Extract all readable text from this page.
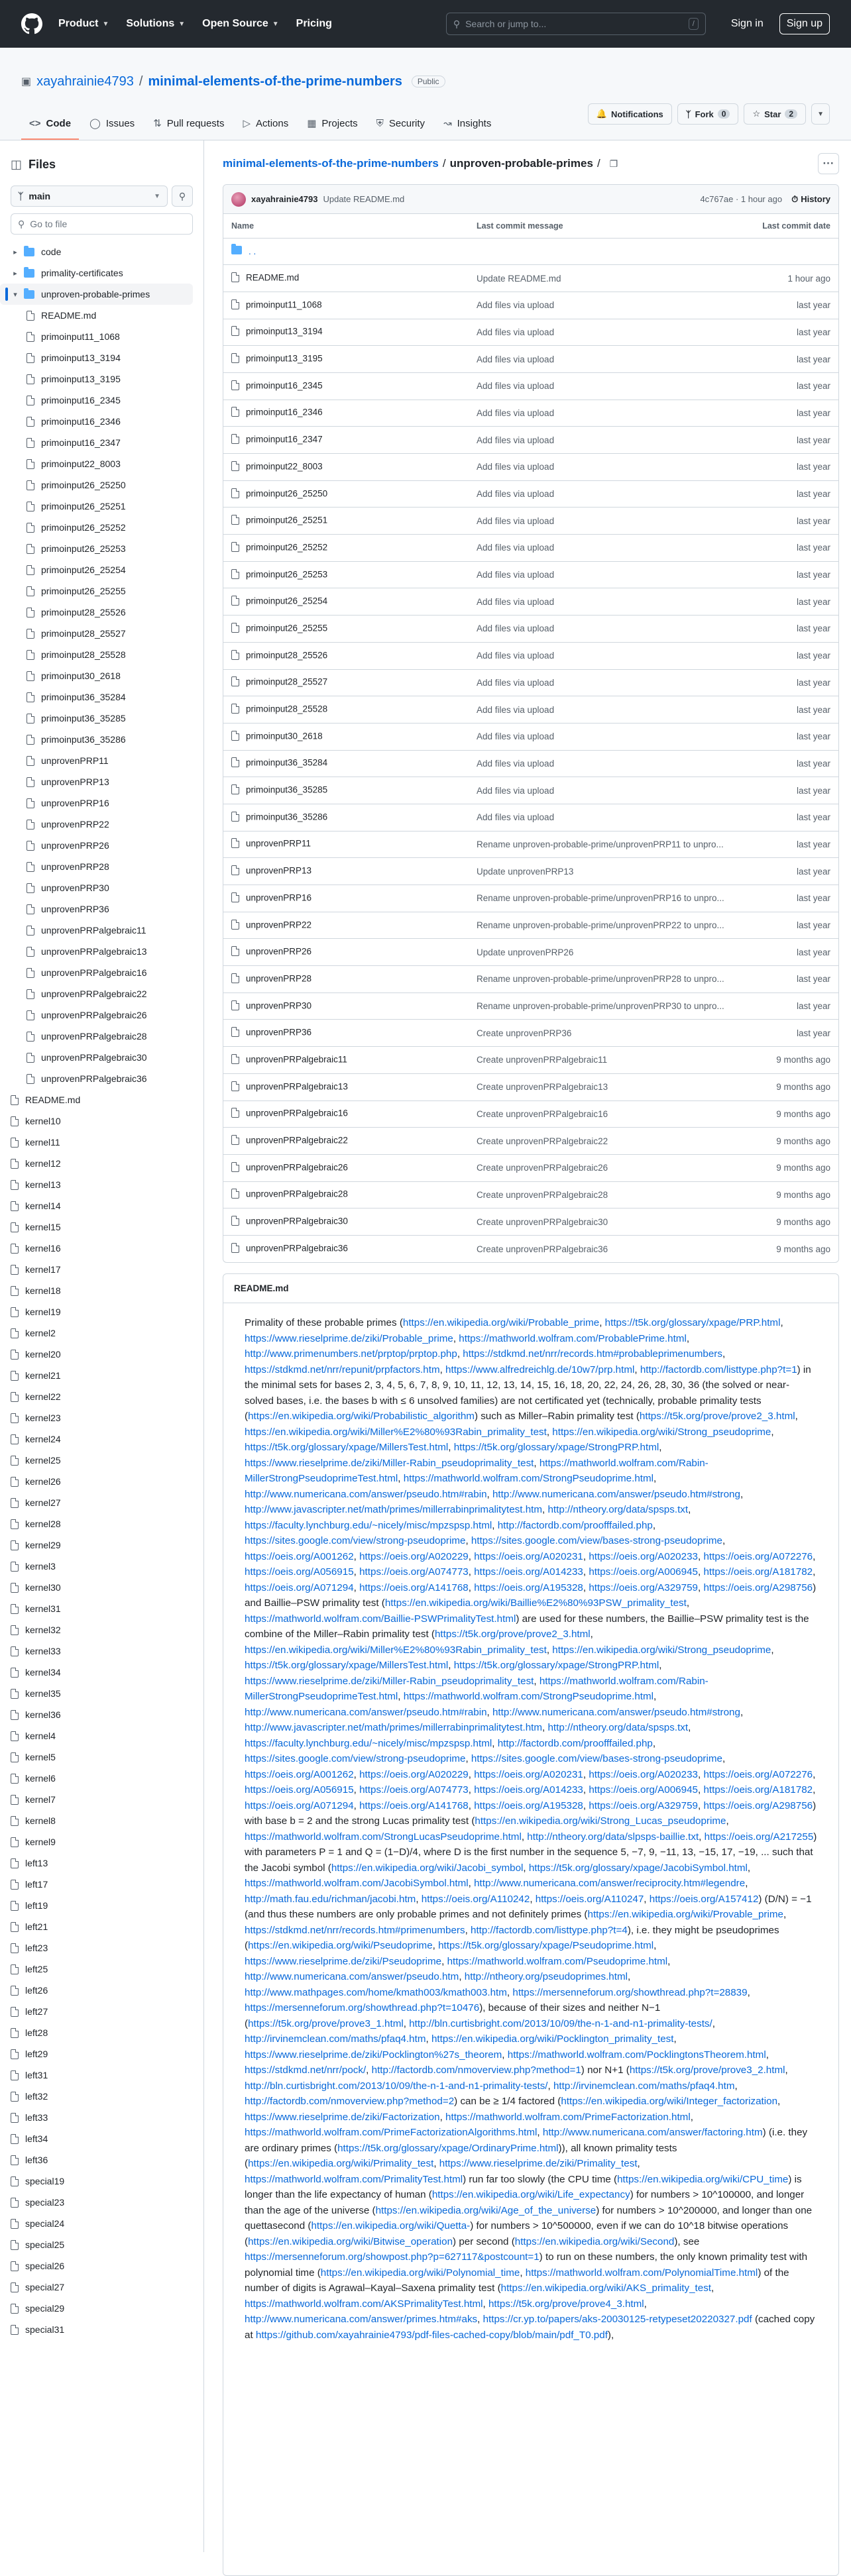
Product ▼ Solutions ▼ Open Source ▼ Pricing	⚲ Search or jump to...	/	Sign in	Sign up
▣ xayahrainie4793 / minimal-elements-of-the-prime-numbers	Public
🔔 Notifications	ᛉ Fork	0	☆ Star	2	▼
<> Code ◯ Issues ⇅ Pull requests ▷ Actions ▦ Projects ⛨ Security ↝ Insights
◫ Files
ᛉ main	▼ ⚲
⚲ Go to file
▸	code
▸	primality-certificates
▾	unproven-probable-primes
README.md
primoinput11_1068
primoinput13_3194
primoinput13_3195
primoinput16_2345
primoinput16_2346
primoinput16_2347
primoinput22_8003
primoinput26_25250
primoinput26_25251
primoinput26_25252
primoinput26_25253
primoinput26_25254
primoinput26_25255
primoinput28_25526
primoinput28_25527
primoinput28_25528
primoinput30_2618
primoinput36_35284
primoinput36_35285
primoinput36_35286
unprovenPRP11
unprovenPRP13
unprovenPRP16
unprovenPRP22
unprovenPRP26
unprovenPRP28
unprovenPRP30
unprovenPRP36
unprovenPRPalgebraic11
unprovenPRPalgebraic13
unprovenPRPalgebraic16
unprovenPRPalgebraic22
unprovenPRPalgebraic26
unprovenPRPalgebraic28
unprovenPRPalgebraic30
unprovenPRPalgebraic36
README.md
kernel10
kernel11
kernel12
kernel13
kernel14
kernel15
kernel16
kernel17
kernel18
kernel19
kernel2
kernel20
kernel21
kernel22
kernel23
kernel24
kernel25
kernel26
kernel27
kernel28
kernel29
kernel3
kernel30
kernel31
kernel32
kernel33
kernel34
kernel35
kernel36
kernel4
kernel5
kernel6
kernel7
kernel8
kernel9
left13
left17
left19
left21
left23
left25
left26
left27
left28
left29
left31
left32
left33
left34
left36
special19
special23
special24
special25
special26
special27
special29
special31
minimal-elements-of-the-prime-numbers / unproven-probable-primes / ❐	···
xayahrainie4793 Update README.md	4c767ae · 1 hour ago ⏱ History
Name	Last commit message	Last commit date
. .		
README.md	Update README.md	1 hour ago
primoinput11_1068	Add files via upload	last year
primoinput13_3194	Add files via upload	last year
primoinput13_3195	Add files via upload	last year
primoinput16_2345	Add files via upload	last year
primoinput16_2346	Add files via upload	last year
primoinput16_2347	Add files via upload	last year
primoinput22_8003	Add files via upload	last year
primoinput26_25250	Add files via upload	last year
primoinput26_25251	Add files via upload	last year
primoinput26_25252	Add files via upload	last year
primoinput26_25253	Add files via upload	last year
primoinput26_25254	Add files via upload	last year
primoinput26_25255	Add files via upload	last year
primoinput28_25526	Add files via upload	last year
primoinput28_25527	Add files via upload	last year
primoinput28_25528	Add files via upload	last year
primoinput30_2618	Add files via upload	last year
primoinput36_35284	Add files via upload	last year
primoinput36_35285	Add files via upload	last year
primoinput36_35286	Add files via upload	last year
unprovenPRP11	Rename unproven-probable-prime/unprovenPRP11 to unpro...	last year
unprovenPRP13	Update unprovenPRP13	last year
unprovenPRP16	Rename unproven-probable-prime/unprovenPRP16 to unpro...	last year
unprovenPRP22	Rename unproven-probable-prime/unprovenPRP22 to unpro...	last year
unprovenPRP26	Update unprovenPRP26	last year
unprovenPRP28	Rename unproven-probable-prime/unprovenPRP28 to unpro...	last year
unprovenPRP30	Rename unproven-probable-prime/unprovenPRP30 to unpro...	last year
unprovenPRP36	Create unprovenPRP36	last year
unprovenPRPalgebraic11	Create unprovenPRPalgebraic11	9 months ago
unprovenPRPalgebraic13	Create unprovenPRPalgebraic13	9 months ago
unprovenPRPalgebraic16	Create unprovenPRPalgebraic16	9 months ago
unprovenPRPalgebraic22	Create unprovenPRPalgebraic22	9 months ago
unprovenPRPalgebraic26	Create unprovenPRPalgebraic26	9 months ago
unprovenPRPalgebraic28	Create unprovenPRPalgebraic28	9 months ago
unprovenPRPalgebraic30	Create unprovenPRPalgebraic30	9 months ago
unprovenPRPalgebraic36	Create unprovenPRPalgebraic36	9 months ago
README.md

Primality of these probable primes (https://en.wikipedia.org/wiki/Probable_prime, https://t5k.org/glossary/xpage/PRP.html, https://www.rieselprime.de/ziki/Probable_prime, https://mathworld.wolfram.com/ProbablePrime.html, http://www.primenumbers.net/prptop/prptop.php, https://stdkmd.net/nrr/records.htm#probableprimenumbers, https://stdkmd.net/nrr/repunit/prpfactors.htm, https://www.alfredreichlg.de/10w7/prp.html, http://factordb.com/listtype.php?t=1) in the minimal sets for bases 2, 3, 4, 5, 6, 7, 8, 9, 10, 11, 12, 13, 14, 15, 16, 18, 20, 22, 24, 26, 28, 30, 36 (the solved or near-solved bases, i.e. the bases b with ≤ 6 unsolved families) are not certificated yet (technically, probable primality tests (https://en.wikipedia.org/wiki/Probabilistic_algorithm) such as Miller–Rabin primality test (https://t5k.org/prove/prove2_3.html, https://en.wikipedia.org/wiki/Miller%E2%80%93Rabin_primality_test, https://en.wikipedia.org/wiki/Strong_pseudoprime, https://t5k.org/glossary/xpage/MillersTest.html, https://t5k.org/glossary/xpage/StrongPRP.html, https://www.rieselprime.de/ziki/Miller-Rabin_pseudoprimality_test, https://mathworld.wolfram.com/Rabin-MillerStrongPseudoprimeTest.html, https://mathworld.wolfram.com/StrongPseudoprime.html, http://www.numericana.com/answer/pseudo.htm#rabin, http://www.numericana.com/answer/pseudo.htm#strong, http://www.javascripter.net/math/primes/millerrabinprimalitytest.htm, http://ntheory.org/data/spsps.txt, https://faculty.lynchburg.edu/~nicely/misc/mpzspsp.html, http://factordb.com/proofffailed.php, https://sites.google.com/view/strong-pseudoprime, https://sites.google.com/view/bases-strong-pseudoprime, https://oeis.org/A001262, https://oeis.org/A020229, https://oeis.org/A020231, https://oeis.org/A020233, https://oeis.org/A072276, https://oeis.org/A056915, https://oeis.org/A074773, https://oeis.org/A014233, https://oeis.org/A006945, https://oeis.org/A181782, https://oeis.org/A071294, https://oeis.org/A141768, https://oeis.org/A195328, https://oeis.org/A329759, https://oeis.org/A298756) and Baillie–PSW primality test (https://en.wikipedia.org/wiki/Baillie%E2%80%93PSW_primality_test, https://mathworld.wolfram.com/Baillie-PSWPrimalityTest.html) are used for these numbers, the Baillie–PSW primality test is the combine of the Miller–Rabin primality test (https://t5k.org/prove/prove2_3.html, https://en.wikipedia.org/wiki/Miller%E2%80%93Rabin_primality_test, https://en.wikipedia.org/wiki/Strong_pseudoprime, https://t5k.org/glossary/xpage/MillersTest.html, https://t5k.org/glossary/xpage/StrongPRP.html, https://www.rieselprime.de/ziki/Miller-Rabin_pseudoprimality_test, https://mathworld.wolfram.com/Rabin-MillerStrongPseudoprimeTest.html, https://mathworld.wolfram.com/StrongPseudoprime.html, http://www.numericana.com/answer/pseudo.htm#rabin, http://www.numericana.com/answer/pseudo.htm#strong, http://www.javascripter.net/math/primes/millerrabinprimalitytest.htm, http://ntheory.org/data/spsps.txt, https://faculty.lynchburg.edu/~nicely/misc/mpzspsp.html, http://factordb.com/proofffailed.php, https://sites.google.com/view/strong-pseudoprime, https://sites.google.com/view/bases-strong-pseudoprime, https://oeis.org/A001262, https://oeis.org/A020229, https://oeis.org/A020231, https://oeis.org/A020233, https://oeis.org/A072276, https://oeis.org/A056915, https://oeis.org/A074773, https://oeis.org/A014233, https://oeis.org/A006945, https://oeis.org/A181782, https://oeis.org/A071294, https://oeis.org/A141768, https://oeis.org/A195328, https://oeis.org/A329759, https://oeis.org/A298756) with base b = 2 and the strong Lucas primality test (https://en.wikipedia.org/wiki/Strong_Lucas_pseudoprime, https://mathworld.wolfram.com/StrongLucasPseudoprime.html, http://ntheory.org/data/slpsps-baillie.txt, https://oeis.org/A217255) with parameters P = 1 and Q = (1−D)/4, where D is the first number in the sequence 5, −7, 9, −11, 13, −15, 17, −19, ... such that the Jacobi symbol (https://en.wikipedia.org/wiki/Jacobi_symbol, https://t5k.org/glossary/xpage/JacobiSymbol.html, https://mathworld.wolfram.com/JacobiSymbol.html, http://www.numericana.com/answer/reciprocity.htm#legendre, http://math.fau.edu/richman/jacobi.htm, https://oeis.org/A110242, https://oeis.org/A110247, https://oeis.org/A157412) (D/N) = −1 (and thus these numbers are only probable primes and not definitely primes (https://en.wikipedia.org/wiki/Provable_prime, https://stdkmd.net/nrr/records.htm#primenumbers, http://factordb.com/listtype.php?t=4), i.e. they might be pseudoprimes (https://en.wikipedia.org/wiki/Pseudoprime, https://t5k.org/glossary/xpage/Pseudoprime.html, https://www.rieselprime.de/ziki/Pseudoprime, https://mathworld.wolfram.com/Pseudoprime.html, http://www.numericana.com/answer/pseudo.htm, http://ntheory.org/pseudoprimes.html, http://www.mathpages.com/home/kmath003/kmath003.htm, https://mersenneforum.org/showthread.php?t=28839, https://mersenneforum.org/showthread.php?t=10476), because of their sizes and neither N−1 (https://t5k.org/prove/prove3_1.html, http://bln.curtisbright.com/2013/10/09/the-n-1-and-n1-primality-tests/, http://irvinemclean.com/maths/pfaq4.htm, https://en.wikipedia.org/wiki/Pocklington_primality_test, https://www.rieselprime.de/ziki/Pocklington%27s_theorem, https://mathworld.wolfram.com/PocklingtonsTheorem.html, https://stdkmd.net/nrr/pock/, http://factordb.com/nmoverview.php?method=1) nor N+1 (https://t5k.org/prove/prove3_2.html, http://bln.curtisbright.com/2013/10/09/the-n-1-and-n1-primality-tests/, http://irvinemclean.com/maths/pfaq4.htm, http://factordb.com/nmoverview.php?method=2) can be ≥ 1/4 factored (https://en.wikipedia.org/wiki/Integer_factorization, https://www.rieselprime.de/ziki/Factorization, https://mathworld.wolfram.com/PrimeFactorization.html, https://mathworld.wolfram.com/PrimeFactorizationAlgorithms.html, http://www.numericana.com/answer/factoring.htm) (i.e. they are ordinary primes (https://t5k.org/glossary/xpage/OrdinaryPrime.html)), all known primality tests (https://en.wikipedia.org/wiki/Primality_test, https://www.rieselprime.de/ziki/Primality_test, https://mathworld.wolfram.com/PrimalityTest.html) run far too slowly (the CPU time (https://en.wikipedia.org/wiki/CPU_time) is longer than the life expectancy of human (https://en.wikipedia.org/wiki/Life_expectancy) for numbers > 10^100000, and longer than the age of the universe (https://en.wikipedia.org/wiki/Age_of_the_universe) for numbers > 10^200000, and longer than one quettasecond (https://en.wikipedia.org/wiki/Quetta-) for numbers > 10^500000, even if we can do 10^18 bitwise operations (https://en.wikipedia.org/wiki/Bitwise_operation) per second (https://en.wikipedia.org/wiki/Second), see https://mersenneforum.org/showpost.php?p=627117&postcount=1) to run on these numbers, the only known primality test with polynomial time (https://en.wikipedia.org/wiki/Polynomial_time, https://mathworld.wolfram.com/PolynomialTime.html) of the number of digits is Agrawal–Kayal–Saxena primality test (https://en.wikipedia.org/wiki/AKS_primality_test, https://mathworld.wolfram.com/AKSPrimalityTest.html, https://t5k.org/prove/prove4_3.html, http://www.numericana.com/answer/primes.htm#aks, https://cr.yp.to/papers/aks-20030125-retypeset20220327.pdf (cached copy at https://github.com/xayahrainie4793/pdf-files-cached-copy/blob/main/pdf_T0.pdf),
